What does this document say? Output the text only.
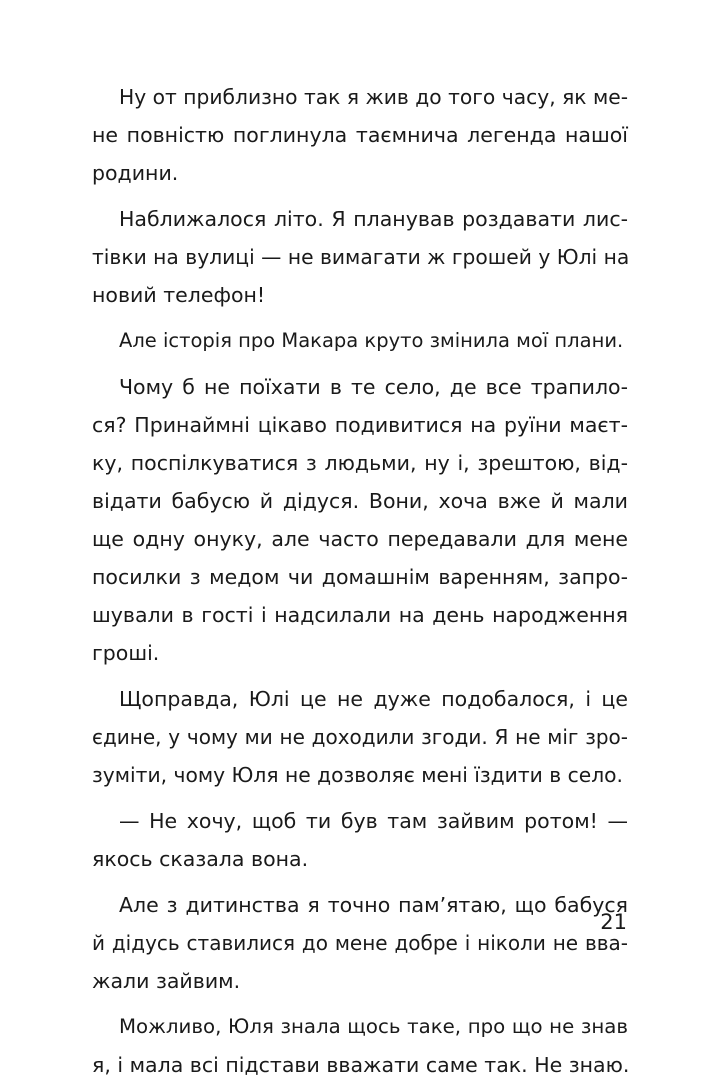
Ну от приблизно так я жив до того часу, як ме-
не повністю поглинула таємнича легенда нашої
родини.
Наближалося літо. Я планував роздавати лис-
тівки на вулиці — не вимагати ж грошей у Юлі на
новий телефон!
Але історія про Макара круто змінила мої плани.
Чому б не поїхати в те село, де все трапило-
ся? Принаймні цікаво подивитися на руїни маєт-
ку, поспілкуватися з людьми, ну і, зрештою, від-
відати бабусю й дідуся. Вони, хоча вже й мали
ще одну онуку, але часто передавали для мене
посилки з медом чи домашнім варенням, запро-
шували в гості і надсилали на день народження
гроші.
Щоправда, Юлі це не дуже подобалося, і це
єдине, у чому ми не доходили згоди. Я не міг зро-
зуміти, чому Юля не дозволяє мені їздити в село.
— Не хочу, щоб ти був там зайвим ротом! —
якось сказала вона.
Але з дитинства я точно пам’ятаю, що бабуся
й дідусь ставилися до мене добре і ніколи не вва-
жали зайвим.
Можливо, Юля знала щось таке, про що не знав
я, і мала всі підстави вважати саме так. Не знаю.
21
